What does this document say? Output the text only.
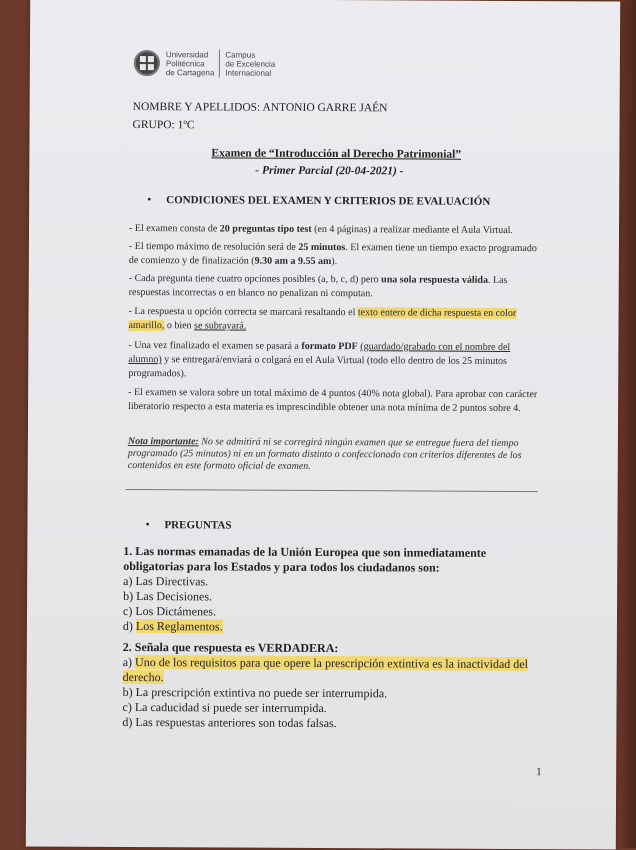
Universidad
Politécnica
de Cartagena
Campus
de Excelencia
Internacional
NOMBRE Y APELLIDOS: ANTONIO GARRE JAÉN
GRUPO: 1ºC
Examen de “Introducción al Derecho Patrimonial”
- Primer Parcial (20-04-2021) -
• CONDICIONES DEL EXAMEN Y CRITERIOS DE EVALUACIÓN
- El examen consta de 20 preguntas tipo test (en 4 páginas) a realizar mediante el Aula Virtual.
- El tiempo máximo de resolución será de 25 minutos. El examen tiene un tiempo exacto programado de comienzo y de finalización (9.30 am a 9.55 am).
- Cada pregunta tiene cuatro opciones posibles (a, b, c, d) pero una sola respuesta válida. Las respuestas incorrectas o en blanco no penalizan ni computan.
- La respuesta u opción correcta se marcará resaltando el texto entero de dicha respuesta en color amarillo, o bien se subrayará.
- Una vez finalizado el examen se pasará a formato PDF (guardado/grabado con el nombre del alumno) y se entregará/enviará o colgará en el Aula Virtual (todo ello dentro de los 25 minutos programados).
- El examen se valora sobre un total máximo de 4 puntos (40% nota global). Para aprobar con carácter liberatorio respecto a esta materia es imprescindible obtener una nota mínima de 2 puntos sobre 4.
Nota importante: No se admitirá ni se corregirá ningún examen que se entregue fuera del tiempo programado (25 minutos) ni en un formato distinto o confeccionado con criterios diferentes de los contenidos en este formato oficial de examen.
• PREGUNTAS
1. Las normas emanadas de la Unión Europea que son inmediatamente obligatorias para los Estados y para todos los ciudadanos son:
a) Las Directivas.
b) Las Decisiones.
c) Los Dictámenes.
d) Los Reglamentos.
2. Señala que respuesta es VERDADERA:
a) Uno de los requisitos para que opere la prescripción extintiva es la inactividad del derecho.
b) La prescripción extintiva no puede ser interrumpida.
c) La caducidad si puede ser interrumpida.
d) Las respuestas anteriores son todas falsas.
1
